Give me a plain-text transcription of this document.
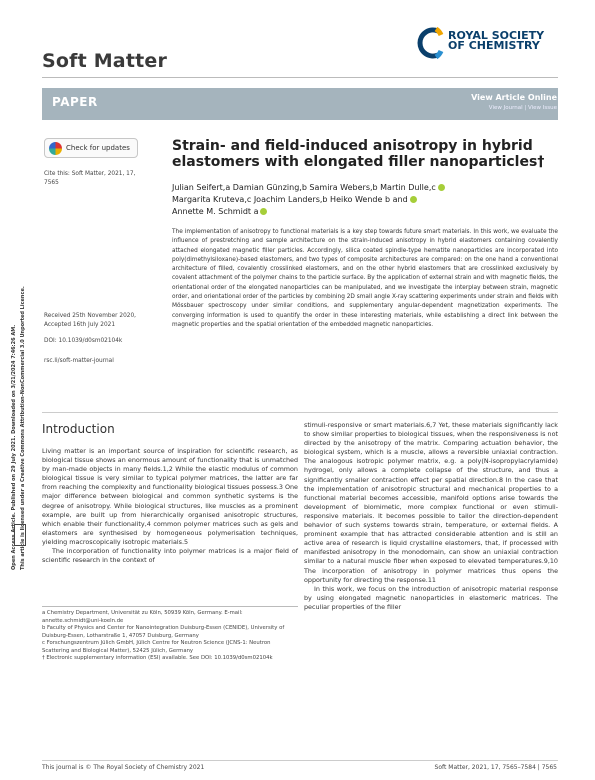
Soft Matter
ROYAL SOCIETY
OF CHEMISTRY
PAPER	View Article Online
View Journal | View Issue
Open Access Article. Published on 29 July 2021. Downloaded on 3/21/2024 7:46:26 AM. This article is licensed under a Creative Commons Attribution-NonCommercial 3.0 Unported Licence.
Check for updates
Cite this: Soft Matter, 2021, 17, 7565
Strain- and field-induced anisotropy in hybrid elastomers with elongated filler nanoparticles†
Julian Seifert,a Damian Günzing,b Samira Webers,b Martin Dulle,c
Margarita Kruteva,c Joachim Landers,b Heiko Wende b and
Annette M. Schmidt a
The implementation of anisotropy to functional materials is a key step towards future smart materials. In this work, we evaluate the influence of prestretching and sample architecture on the strain-induced anisotropy in hybrid elastomers containing covalently attached elongated magnetic filler particles. Accordingly, silica coated spindle-type hematite nanoparticles are incorporated into poly(dimethylsiloxane)-based elastomers, and two types of composite architectures are compared: on the one hand a conventional architecture of filled, covalently crosslinked elastomers, and on the other hybrid elastomers that are crosslinked exclusively by covalent attachment of the polymer chains to the particle surface. By the application of external strain and with magnetic fields, the orientational order of the elongated nanoparticles can be manipulated, and we investigate the interplay between strain, magnetic order, and orientational order of the particles by combining 2D small angle X-ray scattering experiments under strain and fields with Mössbauer spectroscopy under similar conditions, and supplementary angular-dependent magnetization experiments. The converging information is used to quantify the order in these interesting materials, while establishing a direct link between the magnetic properties and the spatial orientation of the embedded magnetic nanoparticles.
Received 25th November 2020,
Accepted 16th July 2021
DOI: 10.1039/d0sm02104k
rsc.li/soft-matter-journal
Introduction

Living matter is an important source of inspiration for scientific research, as biological tissue shows an enormous amount of functionality that is unmatched by man-made objects in many fields.1,2 While the elastic modulus of common biological tissue is very similar to typical polymer matrices, the latter are far from reaching the complexity and functionality biological tissues possess.3 One major difference between biological and common synthetic systems is the degree of anisotropy. While biological structures, like muscles as a prominent example, are built up from hierarchically organised anisotropic structures, which enable their functionality,4 common polymer matrices such as gels and elastomers are synthesised by homogeneous polymerisation techniques, yielding macroscopically isotropic materials.5

The incorporation of functionality into polymer matrices is a major field of scientific research in the context of

stimuli-responsive or smart materials.6,7 Yet, these materials significantly lack to show similar properties to biological tissues, when the responsiveness is not directed by the anisotropy of the matrix. Comparing actuation behavior, the biological system, which is a muscle, allows a reversible uniaxial contraction. The analogous isotropic polymer matrix, e.g. a poly(N-isopropylacrylamide) hydrogel, only allows a complete collapse of the structure, and thus a significantly smaller contraction effect per spatial direction.8 In the case that the implementation of anisotropic structural and mechanical properties to a functional material becomes accessible, manifold options arise towards the development of biomimetic, more complex functional or even stimuli-responsive materials. It becomes possible to tailor the direction-dependent behavior of such systems towards strain, temperature, or external fields. A prominent example that has attracted considerable attention and is still an active area of research is liquid crystalline elastomers, that, if processed with manifested anisotropy in the monodomain, can show an uniaxial contraction similar to a natural muscle fiber when exposed to elevated temperatures.9,10 The incorporation of anisotropy in polymer matrices thus opens the opportunity for directing the response.11

In this work, we focus on the introduction of anisotropic material response by using elongated magnetic nanoparticles in elastomeric matrices. The peculiar properties of the filler

a Chemistry Department, Universität zu Köln, 50939 Köln, Germany. E-mail: annette.schmidt@uni-koeln.de
b Faculty of Physics and Center for Nanointegration Duisburg-Essen (CENIDE), University of Duisburg-Essen, Lotharstraße 1, 47057 Duisburg, Germany
c Forschungszentrum Jülich GmbH, Jülich Centre for Neutron Science (JCNS-1: Neutron Scattering and Biological Matter), 52425 Jülich, Germany
† Electronic supplementary information (ESI) available. See DOI: 10.1039/d0sm02104k
This journal is © The Royal Society of Chemistry 2021	Soft Matter, 2021, 17, 7565–7584 | 7565
